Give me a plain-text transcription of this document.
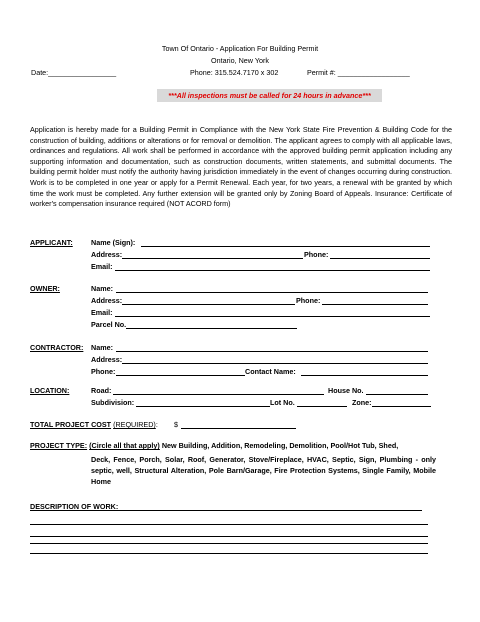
Town Of Ontario - Application For Building Permit
Ontario, New York
Date:_________________	Phone: 315.524.7170 x 302	Permit #: __________________
***All inspections must be called for 24 hours in advance***
Application is hereby made for a Building Permit in Compliance with the New York State Fire Prevention & Building Code for the construction of building, additions or alterations or for removal or demolition. The applicant agrees to comply with all applicable laws, ordinances and regulations. All work shall be performed in accordance with the approved building permit application including any supporting information and documentation, such as construction documents, written statements, and submittal documents. The building permit holder must notify the authority having jurisdiction immediately in the event of changes occurring during construction. Work is to be completed in one year or apply for a Permit Renewal. Each year, for two years, a renewal with be granted by which time the work must be completed. Any further extension will be granted only by Zoning Board of Appeals. Insurance: Certificate of worker's compensation insurance required (NOT ACORD form)
APPLICANT:	Name (Sign):
Address:	Phone:
Email:
OWNER:	Name:
Address:	Phone:
Email:
Parcel No.
CONTRACTOR: Name:
Address:
Phone:	Contact Name:
LOCATION:	Road:	House No.
Subdivision:	Lot No.	Zone:
TOTAL PROJECT COST (REQUIRED): $
PROJECT TYPE: (Circle all that apply) New Building, Addition, Remodeling, Demolition, Pool/Hot Tub, Shed,
Deck, Fence, Porch, Solar, Roof, Generator, Stove/Fireplace, HVAC, Septic, Sign, Plumbing - only septic, well, Structural Alteration, Pole Barn/Garage, Fire Protection Systems, Single Family, Mobile Home
DESCRIPTION OF WORK:
